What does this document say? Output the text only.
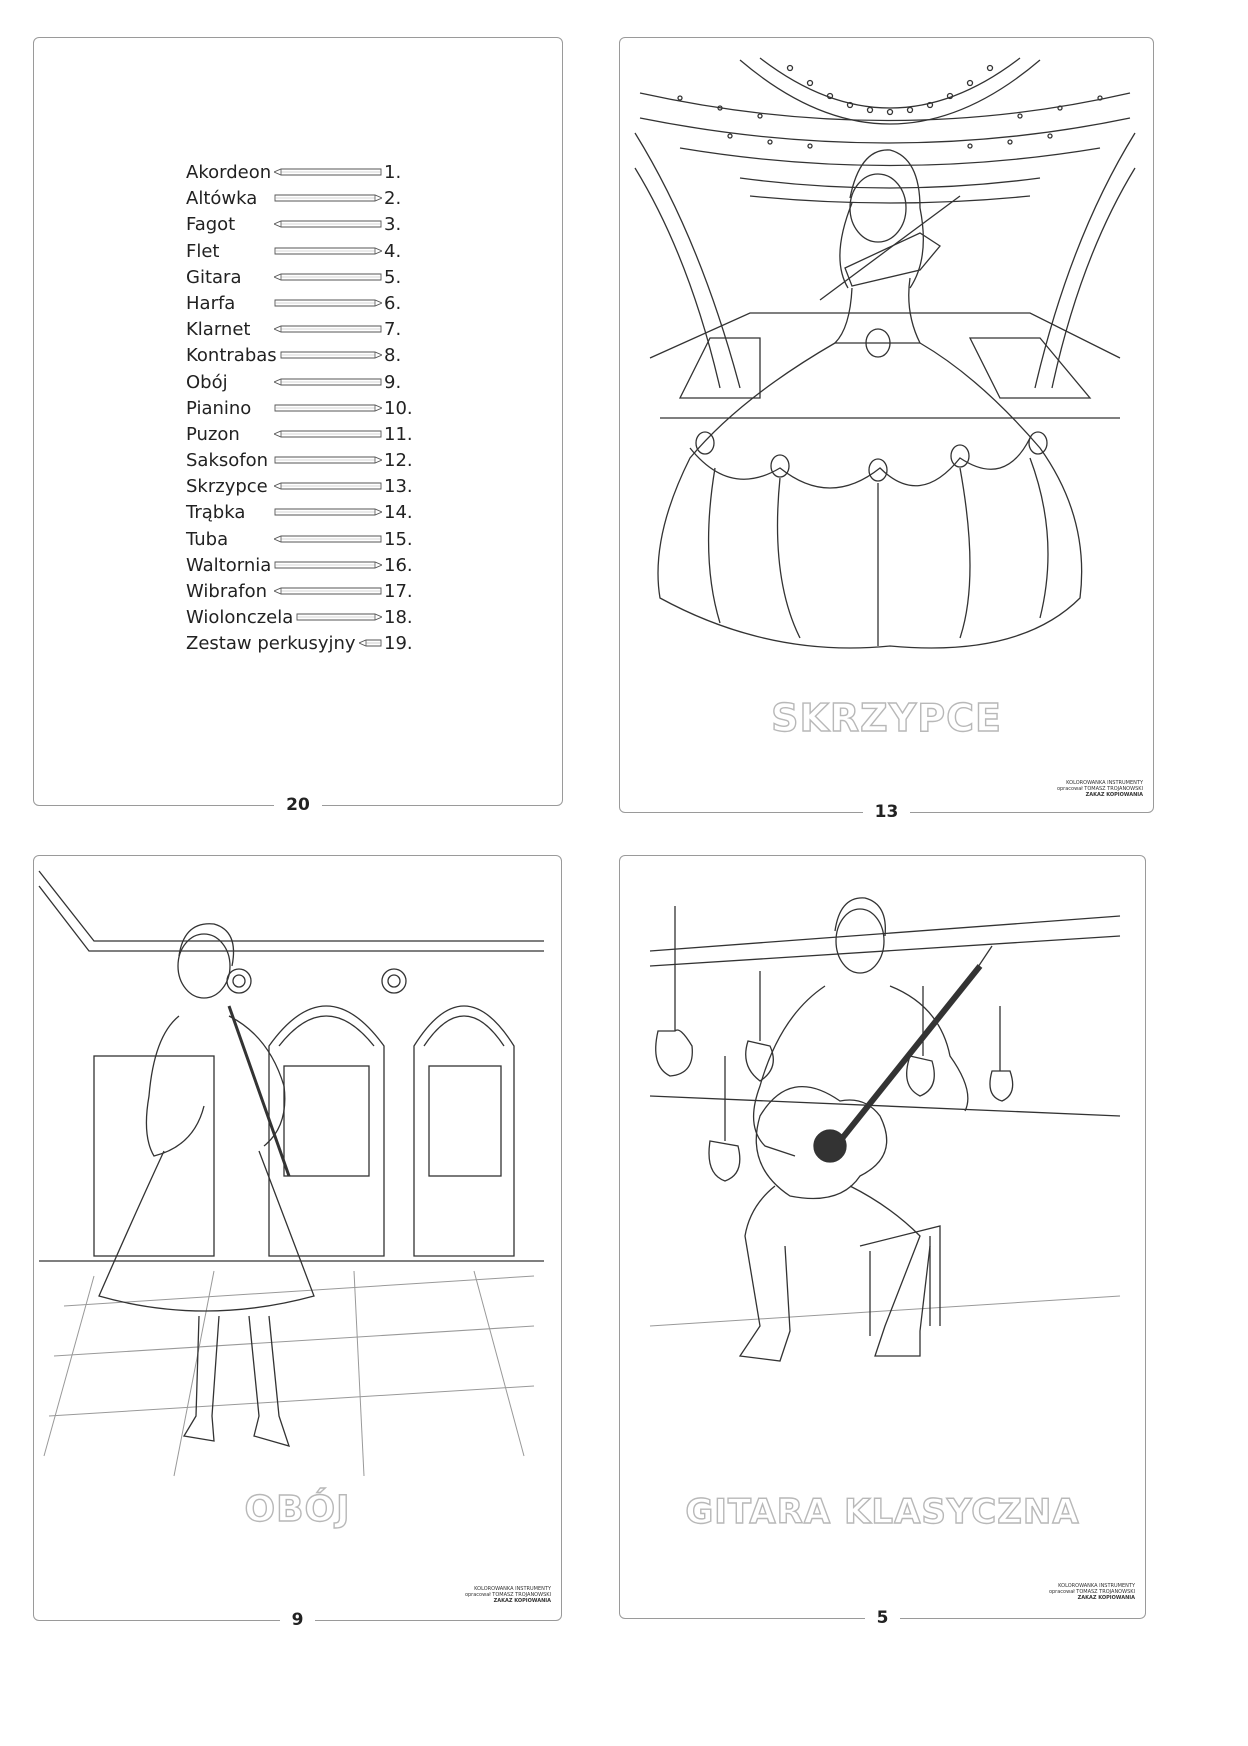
Akordeon	1.
Altówka	2.
Fagot	3.
Flet	4.
Gitara	5.
Harfa	6.
Klarnet	7.
Kontrabas	8.
Obój	9.
Pianino	10.
Puzon	11.
Saksofon	12.
Skrzypce	13.
Trąbka	14.
Tuba	15.
Waltornia	16.
Wibrafon	17.
Wiolonczela	18.
Zestaw perkusyjny 19.
20
SKRZYPCE
KOLOROWANKA INSTRUMENTY
opracował TOMASZ TROJANOWSKI
ZAKAZ KOPIOWANIA
13
OBÓJ
KOLOROWANKA INSTRUMENTY
opracował TOMASZ TROJANOWSKI
ZAKAZ KOPIOWANIA
9
GITARA KLASYCZNA
KOLOROWANKA INSTRUMENTY
opracował TOMASZ TROJANOWSKI
ZAKAZ KOPIOWANIA
5
